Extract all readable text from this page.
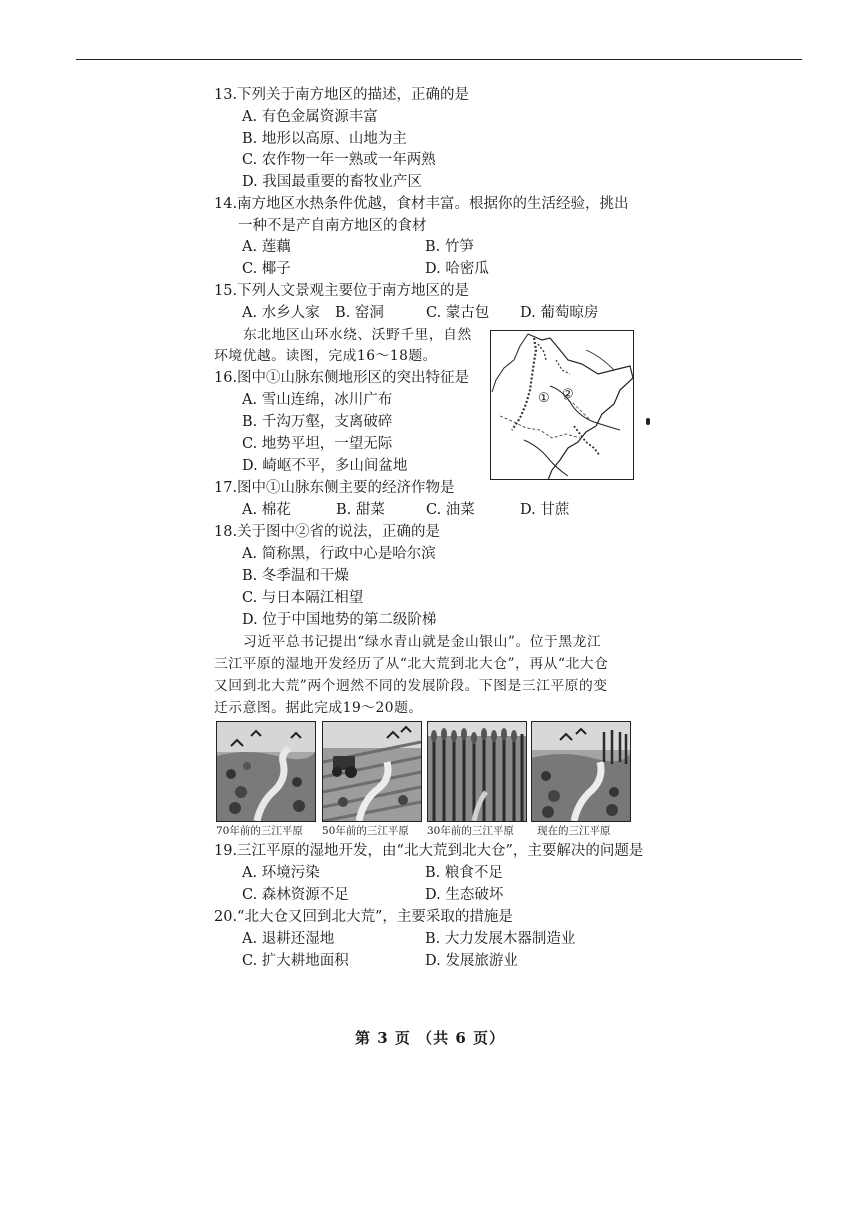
13.下列关于南方地区的描述，正确的是
A. 有色金属资源丰富
B. 地形以高原、山地为主
C. 农作物一年一熟或一年两熟
D. 我国最重要的畜牧业产区
14.南方地区水热条件优越，食材丰富。根据你的生活经验，挑出
一种不是产自南方地区的食材
A. 莲藕	B. 竹笋
C. 椰子	D. 哈密瓜
15.下列人文景观主要位于南方地区的是
A. 水乡人家 B. 窑洞	C. 蒙古包 D. 葡萄晾房
东北地区山环水绕、沃野千里，自然
环境优越。读图，完成16～18题。
① ②
16.图中①山脉东侧地形区的突出特征是
A. 雪山连绵，冰川广布
B. 千沟万壑，支离破碎
C. 地势平坦，一望无际
D. 崎岖不平，多山间盆地
17.图中①山脉东侧主要的经济作物是
A. 棉花	B. 甜菜	C. 油菜	D. 甘蔗
18.关于图中②省的说法，正确的是
A. 简称黑，行政中心是哈尔滨
B. 冬季温和干燥
C. 与日本隔江相望
D. 位于中国地势的第二级阶梯
习近平总书记提出“绿水青山就是金山银山”。位于黑龙江
三江平原的湿地开发经历了从“北大荒到北大仓”，再从“北大仓
又回到北大荒”两个迥然不同的发展阶段。下图是三江平原的变
迁示意图。据此完成19～20题。
70年前的三江平原 50年前的三江平原 30年前的三江平原 现在的三江平原
19.三江平原的湿地开发，由“北大荒到北大仓”，主要解决的问题是
A. 环境污染	B. 粮食不足
C. 森林资源不足	D. 生态破坏
20.“北大仓又回到北大荒”，主要采取的措施是
A. 退耕还湿地	B. 大力发展木器制造业
C. 扩大耕地面积	D. 发展旅游业
第 3 页 （共 6 页）
